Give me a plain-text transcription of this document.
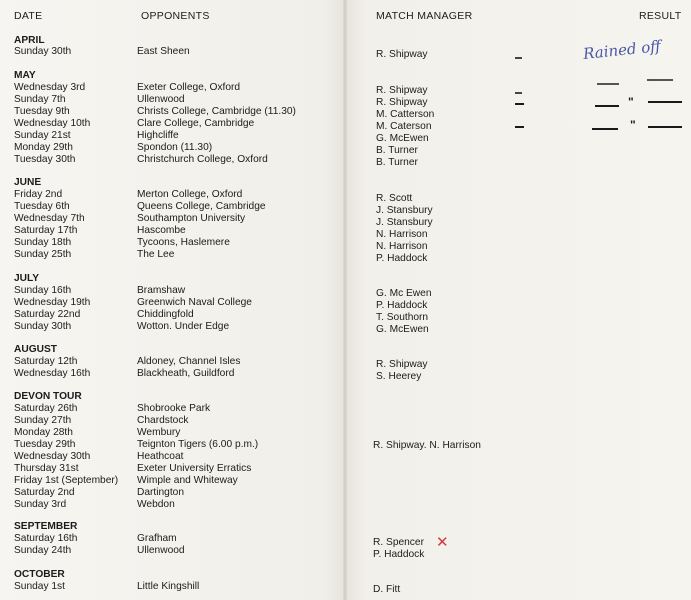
DATE	OPPONENTS	MATCH MANAGER	RESULT
APRIL
Sunday 30th	East Sheen	R. Shipway
MAY
Wednesday 3rd	Exeter College, Oxford	R. Shipway
Sunday 7th	Ullenwood	R. Shipway
Tuesday 9th	Christs College, Cambridge (11.30)	M. Catterson
Wednesday 10th	Clare College, Cambridge	M. Caterson
Sunday 21st	Highcliffe	G. McEwen
Monday 29th	Spondon (11.30)	B. Turner
Tuesday 30th	Christchurch College, Oxford	B. Turner
JUNE
Friday 2nd	Merton College, Oxford	R. Scott
Tuesday 6th	Queens College, Cambridge	J. Stansbury
Wednesday 7th	Southampton University	J. Stansbury
Saturday 17th	Hascombe	N. Harrison
Sunday 18th	Tycoons, Haslemere	N. Harrison
Sunday 25th	The Lee	P. Haddock
JULY
Sunday 16th	Bramshaw	G. Mc Ewen
Wednesday 19th	Greenwich Naval College	P. Haddock
Saturday 22nd	Chiddingfold	T. Southorn
Sunday 30th	Wotton. Under Edge	G. McEwen
AUGUST
Saturday 12th	Aldoney, Channel Isles	R. Shipway
Wednesday 16th	Blackheath, Guildford	S. Heerey
DEVON TOUR
Saturday 26th	Shobrooke Park
Sunday 27th	Chardstock
Monday 28th	Wembury
Tuesday 29th	Teignton Tigers (6.00 p.m.)	R. Shipway. N. Harrison
Wednesday 30th	Heathcoat
Thursday 31st	Exeter University Erratics
Friday 1st (September) Wimple and Whiteway
Saturday 2nd	Dartington
Sunday 3rd	Webdon
SEPTEMBER
Saturday 16th	Grafham	R. Spencer
Sunday 24th	Ullenwood	P. Haddock
OCTOBER
Sunday 1st	Little Kingshill	D. Fitt
Rained off
"
"
✕
